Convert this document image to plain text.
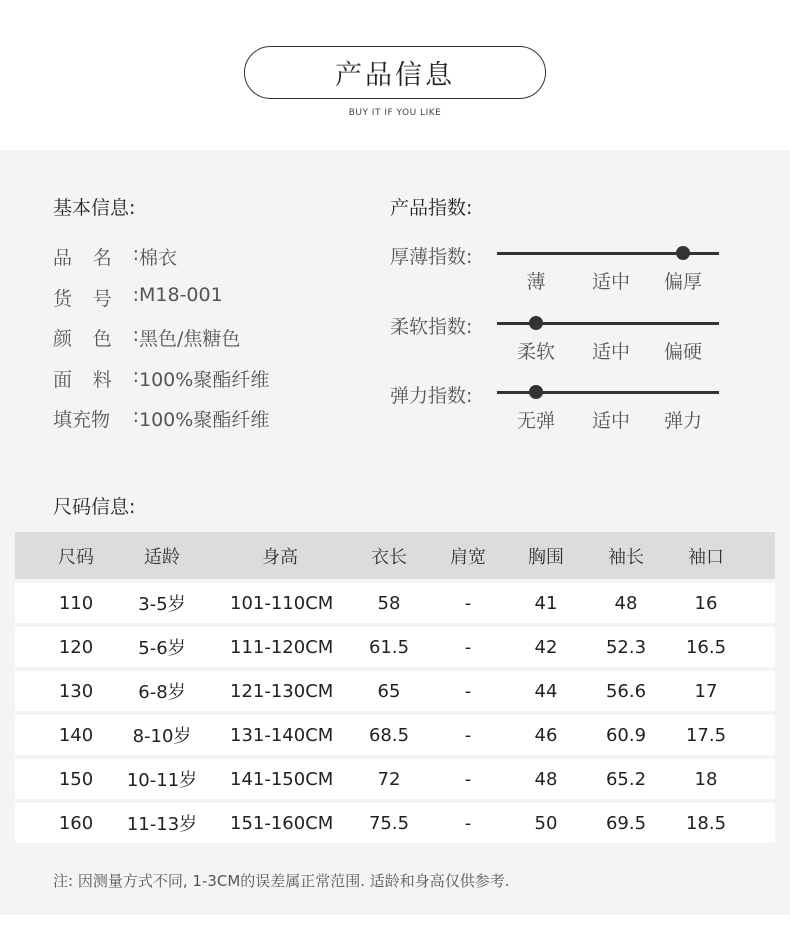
产品信息
BUY IT IF YOU LIKE
基本信息:
品 名 : 棉衣
货 号 : M18-001
颜 色 : 黑色/焦糖色
面 料 : 100%聚酯纤维
填充物 : 100%聚酯纤维
产品指数:
厚薄指数:
薄	适中	偏厚
柔软指数:
柔软	适中	偏硬
弹力指数:
无弹	适中	弹力
尺码信息:
尺码	适龄	身高	衣长	肩宽	胸围	袖长	袖口
110	3-5岁	101-110CM	58	-	41	48	16
120	5-6岁	111-120CM	61.5	-	42	52.3	16.5
130	6-8岁	121-130CM	65	-	44	56.6	17
140	8-10岁	131-140CM	68.5	-	46	60.9	17.5
150	10-11岁	141-150CM	72	-	48	65.2	18
160	11-13岁	151-160CM	75.5	-	50	69.5	18.5
注: 因测量方式不同, 1-3CM的误差属正常范围. 适龄和身高仅供参考.
